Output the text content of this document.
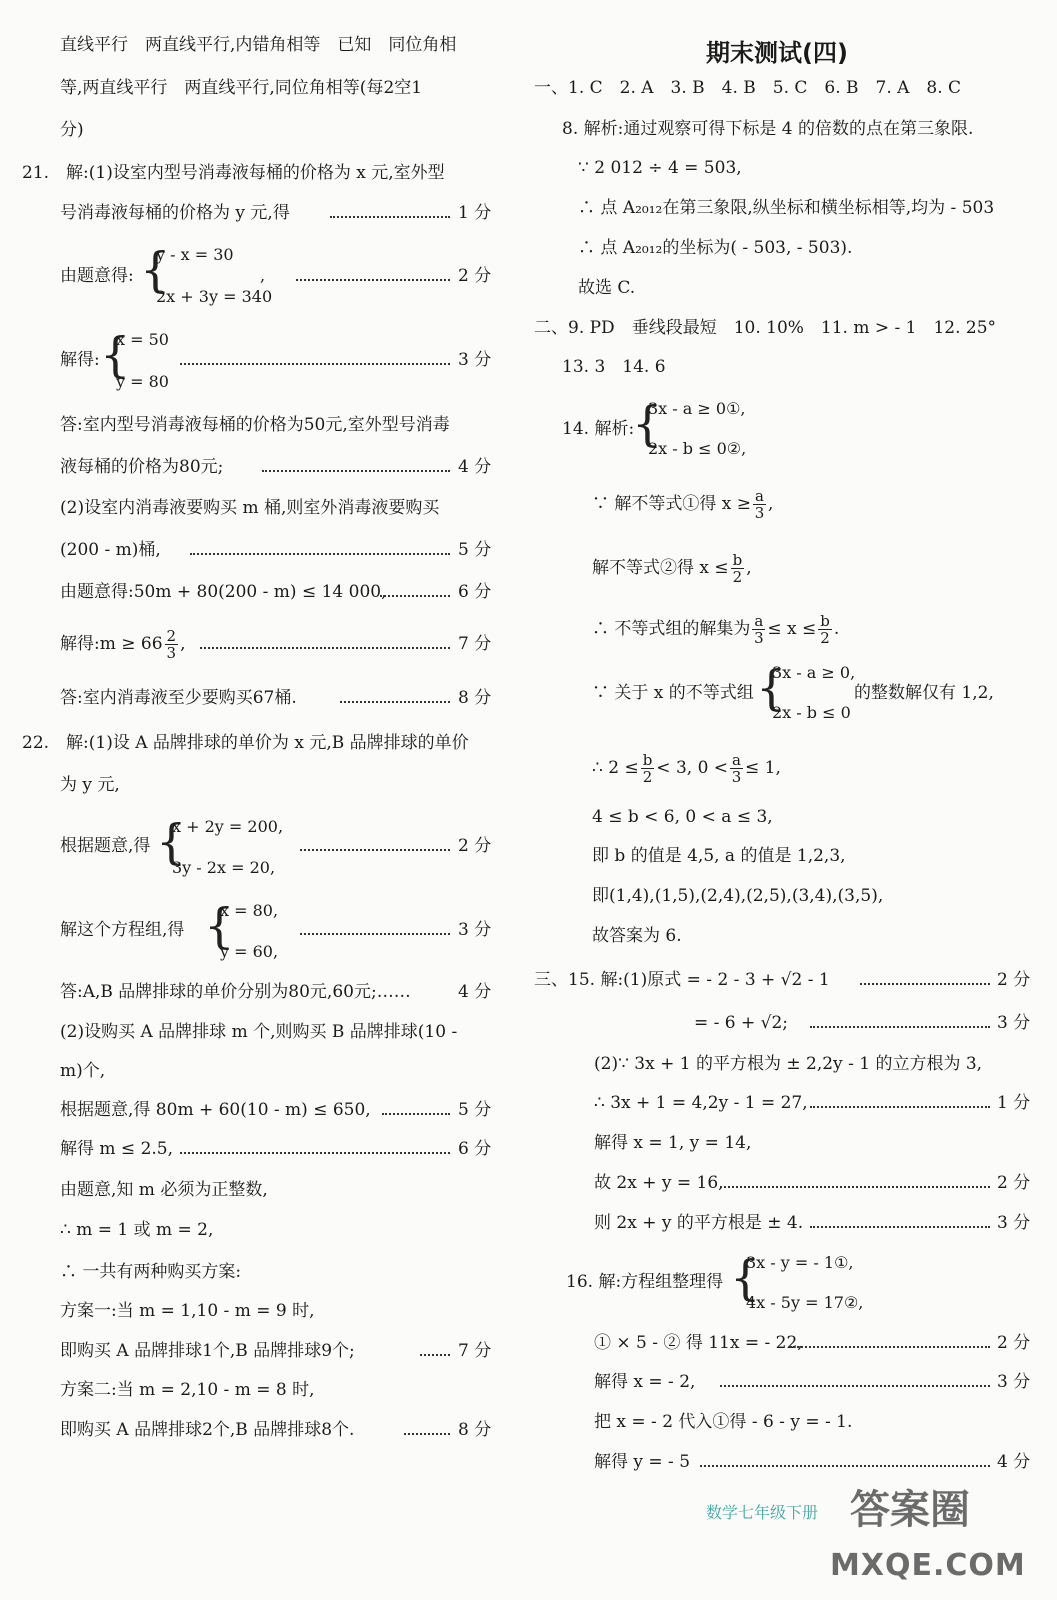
直线平行　两直线平行,内错角相等　已知　同位角相
等,两直线平行　两直线平行,同位角相等(每2空1
分)
21.　解:(1)设室内型号消毒液每桶的价格为 x 元,室外型
号消毒液每桶的价格为 y 元,得	1 分
由题意得: {
y - x = 30
2x + 3y = 340
,	2 分
解得: {
x = 50
y = 80
3 分
答:室内型号消毒液每桶的价格为50元,室外型号消毒
液每桶的价格为80元;	4 分
(2)设室内消毒液要购买 m 桶,则室外消毒液要购买
(200 - m)桶,	5 分
由题意得:50m + 80(200 - m) ≤ 14 000,	6 分
解得:m ≥ $66 \frac{2}{3}$ ,	7 分
答:室内消毒液至少要购买67桶.	8 分
22.　解:(1)设 A 品牌排球的单价为 x 元,B 品牌排球的单价
为 y 元,
根据题意,得 {
x + 2y = 200,
3y - 2x = 20,
2 分
解这个方程组,得 {
x = 80,
y = 60,
3 分
答:A,B 品牌排球的单价分别为80元,60元;……	4 分
(2)设购买 A 品牌排球 m 个,则购买 B 品牌排球(10 -
m)个,
根据题意,得 80m + 60(10 - m) ≤ 650,	5 分
解得 m ≤ 2.5,	6 分
由题意,知 m 必须为正整数,
∴ m = 1 或 m = 2,
∴ 一共有两种购买方案:
方案一:当 m = 1,10 - m = 9 时,
即购买 A 品牌排球1个,B 品牌排球9个;	7 分
方案二:当 m = 2,10 - m = 8 时,
即购买 A 品牌排球2个,B 品牌排球8个.	8 分
期末测试(四)
一、1. C　2. A　3. B　4. B　5. C　6. B　7. A　8. C
8. 解析:通过观察可得下标是 4 的倍数的点在第三象限.
∵ 2 012 ÷ 4 = 503,
∴ 点 A₂₀₁₂在第三象限,纵坐标和横坐标相等,均为 - 503
∴ 点 A₂₀₁₂的坐标为( - 503, - 503).
故选 C.
二、9. PD　垂线段最短　10. 10%　11. m > - 1　12. 25°
13. 3　14. 6
14. 解析:
{
3x - a ≥ 0①,
2x - b ≤ 0②,
∵ 解不等式①得 $x \ge \frac{a}{3}$ ,
解不等式②得 $x \le \frac{b}{2}$ ,
∴ 不等式组的解集为 $\frac{a}{3} \le x \le \frac{b}{2}$ .
∵ 关于 x 的不等式组 {
3x - a ≥ 0,
2x - b ≤ 0
的整数解仅有 1,2,
∴ $2 \le \frac{b}{2} < 3$, $0 < \frac{a}{3} \le 1$,
4 ≤ b < 6, 0 < a ≤ 3,
即 b 的值是 4,5, a 的值是 1,2,3,
即(1,4),(1,5),(2,4),(2,5),(3,4),(3,5),
故答案为 6.
三、15. 解:(1)原式 = - 2 - 3 + √2 - 1	2 分
= - 6 + √2;	3 分
(2)∵ 3x + 1 的平方根为 ± 2,2y - 1 的立方根为 3,
∴ 3x + 1 = 4,2y - 1 = 27,	1 分
解得 x = 1, y = 14,
故 2x + y = 16,	2 分
则 2x + y 的平方根是 ± 4.	3 分
16. 解:方程组整理得 {
3x - y = - 1①,
4x - 5y = 17②,
① × 5 - ② 得 11x = - 22,	2 分
解得 x = - 2,	3 分
把 x = - 2 代入①得 - 6 - y = - 1.
解得 y = - 5	4 分
数学七年级下册 答案圈
MXQE.COM
